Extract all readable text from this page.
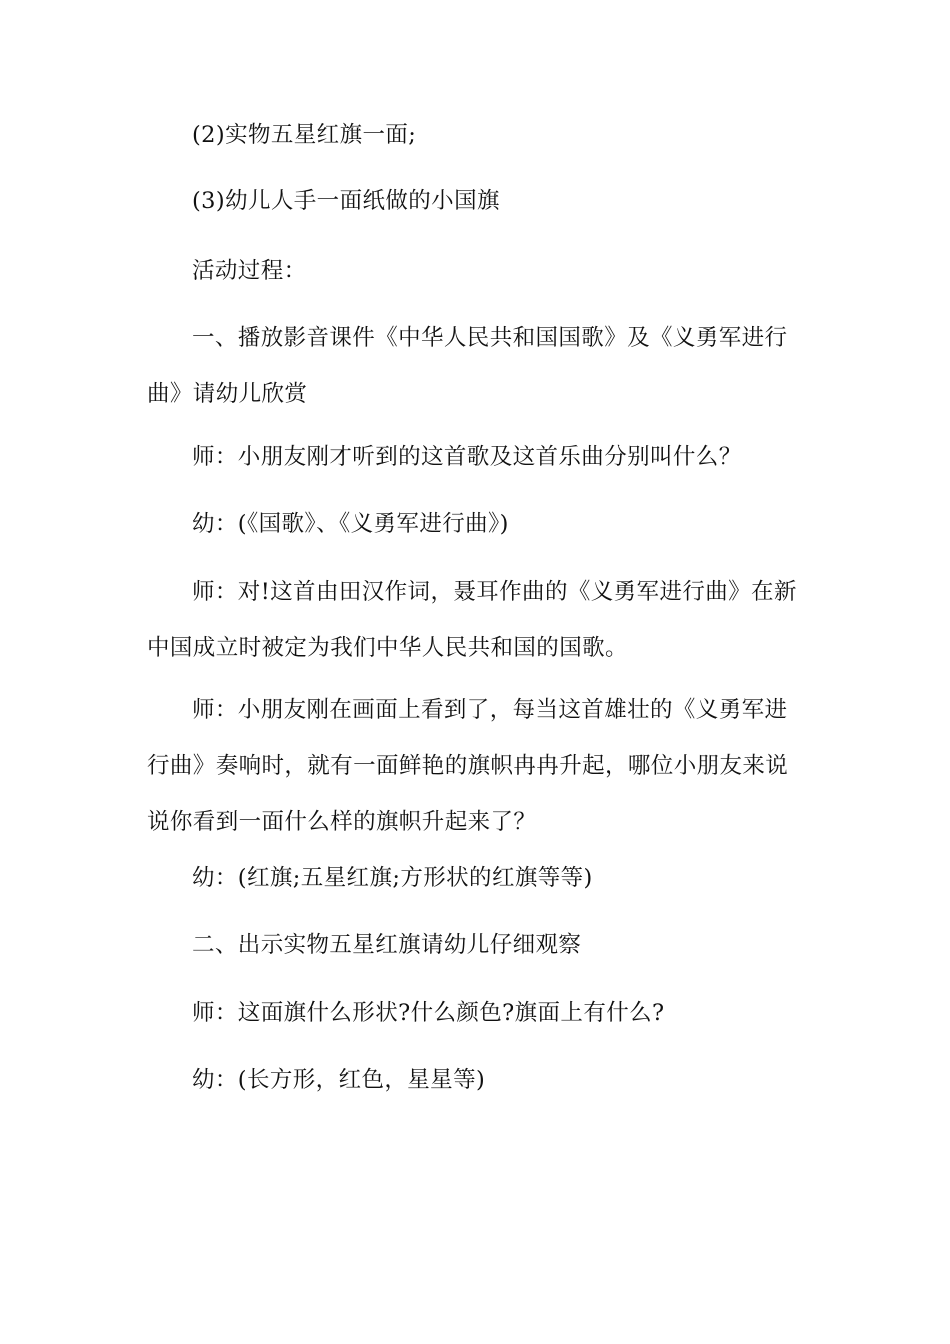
(2)实物五星红旗一面;

(3)幼儿人手一面纸做的小国旗

活动过程：

一、播放影音课件《中华人民共和国国歌》及《义勇军进行曲》请幼儿欣赏

师：小朋友刚才听到的这首歌及这首乐曲分别叫什么？

幼：(《国歌》、《义勇军进行曲》)

师：对!这首由田汉作词，聂耳作曲的《义勇军进行曲》在新中国成立时被定为我们中华人民共和国的国歌。

师：小朋友刚在画面上看到了，每当这首雄壮的《义勇军进行曲》奏响时，就有一面鲜艳的旗帜冉冉升起，哪位小朋友来说说你看到一面什么样的旗帜升起来了？

幼：(红旗;五星红旗;方形状的红旗等等)

二、出示实物五星红旗请幼儿仔细观察

师：这面旗什么形状?什么颜色?旗面上有什么?

幼：(长方形，红色，星星等)
